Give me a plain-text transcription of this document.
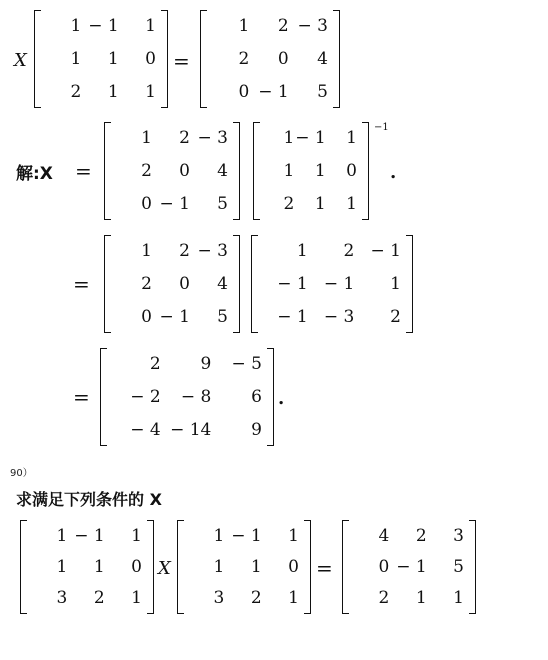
X
1 − 1 1
1 1 0
2 1 1
=
1 2 − 3
2 0 4
0 − 1 5
解:X =
1 2 − 3
2 0 4
0 − 1 5
1 − 1 1
1 1 0
2 1 1
−1
.
=
1 2 − 3
2 0 4
0 − 1 5
1 2 − 1
− 1 − 1 1
− 1 − 3 2
=
2 9 − 5
− 2 − 8 6
− 4 − 14 9
.
90）
求满足下列条件的 X
1 − 1 1
1 1 0
3 2 1
X
1 − 1 1
1 1 0
3 2 1
=
4 2 3
0 − 1 5
2 1 1
